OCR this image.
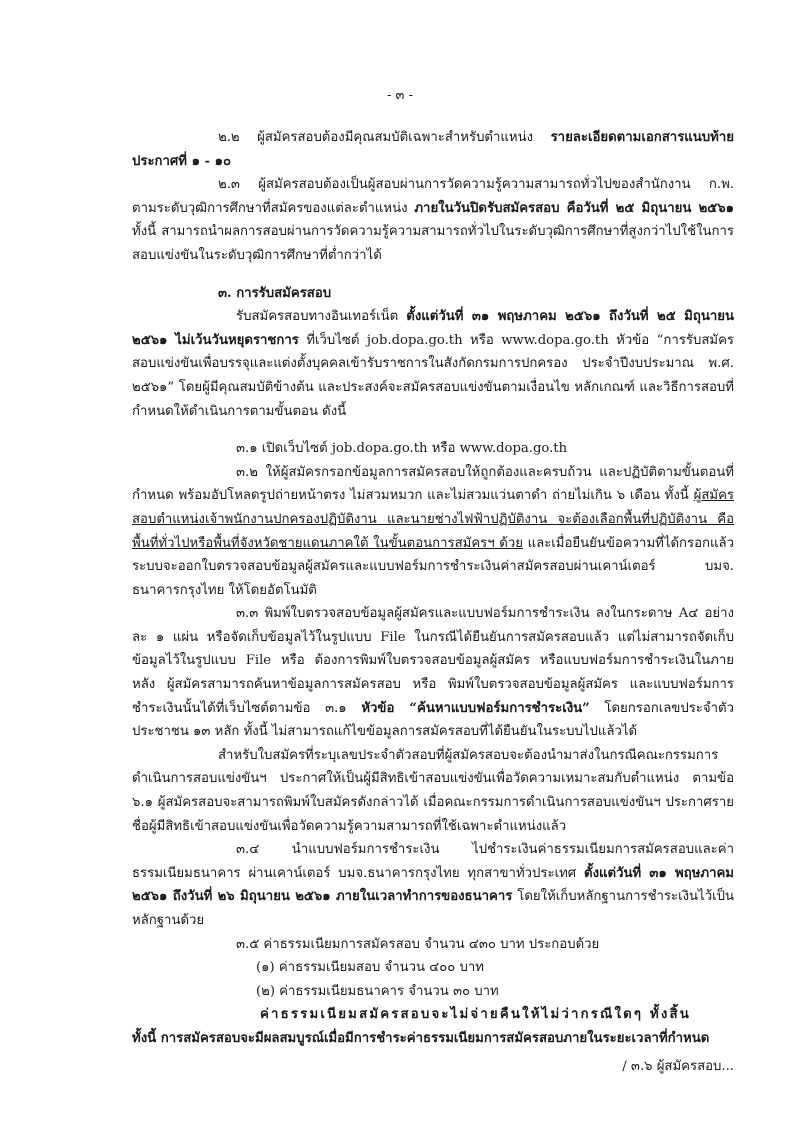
- ๓ -

๒.๒ ผู้สมัครสอบต้องมีคุณสมบัติเฉพาะสำหรับตำแหน่ง รายละเอียดตามเอกสารแนบท้ายประกาศที่ ๑ - ๑๐

๒.๓ ผู้สมัครสอบต้องเป็นผู้สอบผ่านการวัดความรู้ความสามารถทั่วไปของสำนักงาน ก.พ. ตามระดับวุฒิการศึกษาที่สมัครของแต่ละตำแหน่ง ภายในวันปิดรับสมัครสอบ คือวันที่ ๒๕ มิถุนายน ๒๕๖๑ ทั้งนี้ สามารถนำผลการสอบผ่านการวัดความรู้ความสามารถทั่วไปในระดับวุฒิการศึกษาที่สูงกว่าไปใช้ในการสอบแข่งขันในระดับวุฒิการศึกษาที่ต่ำกว่าได้

๓. การรับสมัครสอบ

รับสมัครสอบทางอินเทอร์เน็ต ตั้งแต่วันที่ ๓๑ พฤษภาคม ๒๕๖๑ ถึงวันที่ ๒๕ มิถุนายน ๒๕๖๑ ไม่เว้นวันหยุดราชการ ที่เว็บไซต์ job.dopa.go.th หรือ www.dopa.go.th หัวข้อ “การรับสมัครสอบแข่งขันเพื่อบรรจุและแต่งตั้งบุคคลเข้ารับราชการในสังกัดกรมการปกครอง ประจำปีงบประมาณ พ.ศ. ๒๕๖๑” โดยผู้มีคุณสมบัติข้างต้น และประสงค์จะสมัครสอบแข่งขันตามเงื่อนไข หลักเกณฑ์ และวิธีการสอบที่กำหนดให้ดำเนินการตามขั้นตอน ดังนี้

๓.๑ เปิดเว็บไซต์ job.dopa.go.th หรือ www.dopa.go.th

๓.๒ ให้ผู้สมัครกรอกข้อมูลการสมัครสอบให้ถูกต้องและครบถ้วน และปฏิบัติตามขั้นตอนที่กำหนด พร้อมอัปโหลดรูปถ่ายหน้าตรง ไม่สวมหมวก และไม่สวมแว่นตาดำ ถ่ายไม่เกิน ๖ เดือน ทั้งนี้ ผู้สมัครสอบตำแหน่งเจ้าพนักงานปกครองปฏิบัติงาน และนายช่างไฟฟ้าปฏิบัติงาน จะต้องเลือกพื้นที่ปฏิบัติงาน คือ พื้นที่ทั่วไปหรือพื้นที่จังหวัดชายแดนภาคใต้ ในขั้นตอนการสมัครฯ ด้วย และเมื่อยืนยันข้อความที่ได้กรอกแล้ว ระบบจะออกใบตรวจสอบข้อมูลผู้สมัครและแบบฟอร์มการชำระเงินค่าสมัครสอบผ่านเคาน์เตอร์ บมจ. ธนาคารกรุงไทย ให้โดยอัตโนมัติ

๓.๓ พิมพ์ใบตรวจสอบข้อมูลผู้สมัครและแบบฟอร์มการชำระเงิน ลงในกระดาษ A๔ อย่างละ ๑ แผ่น หรือจัดเก็บข้อมูลไว้ในรูปแบบ File ในกรณีได้ยืนยันการสมัครสอบแล้ว แต่ไม่สามารถจัดเก็บข้อมูลไว้ในรูปแบบ File หรือ ต้องการพิมพ์ใบตรวจสอบข้อมูลผู้สมัคร หรือแบบฟอร์มการชำระเงินในภายหลัง ผู้สมัครสามารถค้นหาข้อมูลการสมัครสอบ หรือ พิมพ์ใบตรวจสอบข้อมูลผู้สมัคร และแบบฟอร์มการชำระเงินนั้นได้ที่เว็บไซต์ตามข้อ ๓.๑ หัวข้อ “ค้นหาแบบฟอร์มการชำระเงิน” โดยกรอกเลขประจำตัวประชาชน ๑๓ หลัก ทั้งนี้ ไม่สามารถแก้ไขข้อมูลการสมัครสอบที่ได้ยืนยันในระบบไปแล้วได้

สำหรับใบสมัครที่ระบุเลขประจำตัวสอบที่ผู้สมัครสอบจะต้องนำมาส่งในกรณีคณะกรรมการดำเนินการสอบแข่งขันฯ ประกาศให้เป็นผู้มีสิทธิเข้าสอบแข่งขันเพื่อวัดความเหมาะสมกับตำแหน่ง ตามข้อ ๖.๑ ผู้สมัครสอบจะสามารถพิมพ์ใบสมัครดังกล่าวได้ เมื่อคณะกรรมการดำเนินการสอบแข่งขันฯ ประกาศรายชื่อผู้มีสิทธิเข้าสอบแข่งขันเพื่อวัดความรู้ความสามารถที่ใช้เฉพาะตำแหน่งแล้ว

๓.๔ นำแบบฟอร์มการชำระเงิน ไปชำระเงินค่าธรรมเนียมการสมัครสอบและค่าธรรมเนียมธนาคาร ผ่านเคาน์เตอร์ บมจ.ธนาคารกรุงไทย ทุกสาขาทั่วประเทศ ตั้งแต่วันที่ ๓๑ พฤษภาคม ๒๕๖๑ ถึงวันที่ ๒๖ มิถุนายน ๒๕๖๑ ภายในเวลาทำการของธนาคาร โดยให้เก็บหลักฐานการชำระเงินไว้เป็นหลักฐานด้วย

๓.๕ ค่าธรรมเนียมการสมัครสอบ จำนวน ๔๓๐ บาท ประกอบด้วย

(๑) ค่าธรรมเนียมสอบ จำนวน ๔๐๐ บาท

(๒) ค่าธรรมเนียมธนาคาร จำนวน ๓๐ บาท

ค่าธรรมเนียมสมัครสอบจะไม่จ่ายคืนให้ไม่ว่ากรณีใดๆ ทั้งสิ้น

ทั้งนี้ การสมัครสอบจะมีผลสมบูรณ์เมื่อมีการชำระค่าธรรมเนียมการสมัครสอบภายในระยะเวลาที่กำหนด

/ ๓.๖ ผู้สมัครสอบ...
